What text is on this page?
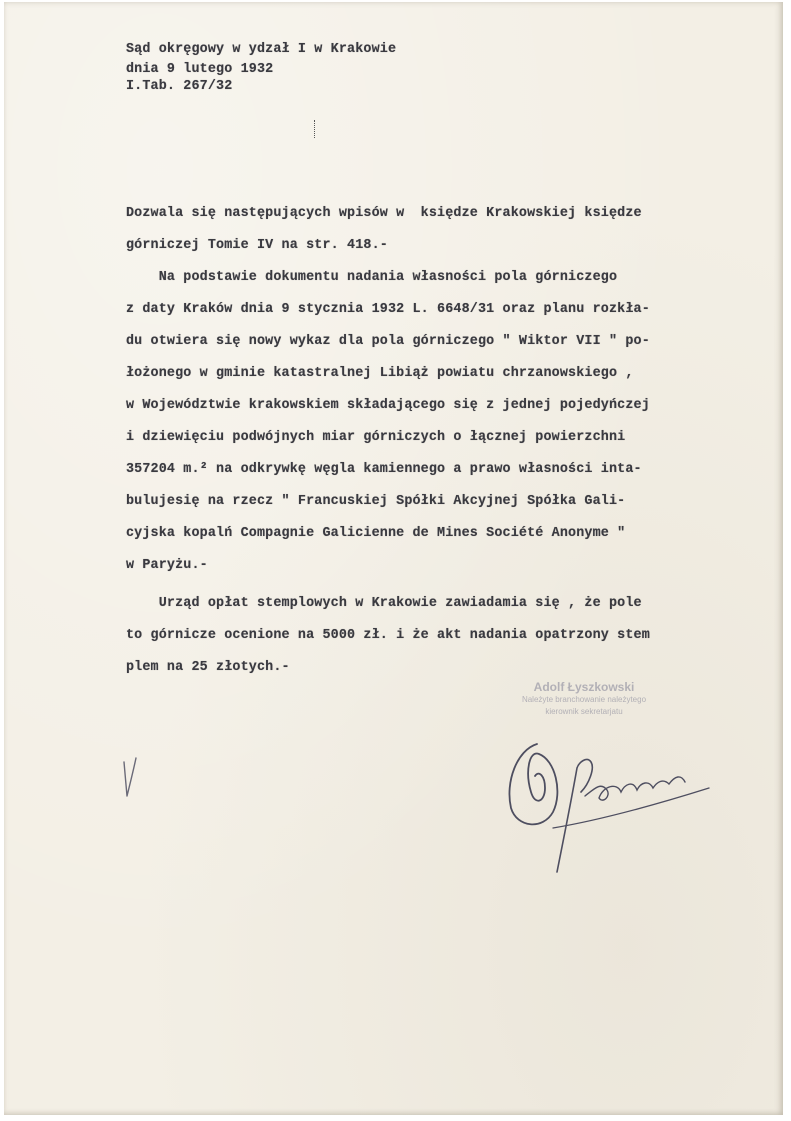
Sąd okręgowy w ydzał I w Krakowie
dnia 9 lutego 1932
I.Tab. 267/32
Dozwala się następujących wpisów w  księdze Krakowskiej księdze
górniczej Tomie IV na str. 418.-
Na podstawie dokumentu nadania własności pola górniczego
z daty Kraków dnia 9 stycznia 1932 L. 6648/31 oraz planu rozkła-
du otwiera się nowy wykaz dla pola górniczego " Wiktor VII " po-
łożonego w gminie katastralnej Libiąż powiatu chrzanowskiego ,
w Województwie krakowskiem składającego się z jednej pojedyńczej
i dziewięciu podwójnych miar górniczych o łącznej powierzchni
357204 m.² na odkrywkę węgla kamiennego a prawo własności inta-
bulujesię na rzecz " Francuskiej Spółki Akcyjnej Spółka Gali-
cyjska kopalń Compagnie Galicienne de Mines Société Anonyme "
w Paryżu.-
Urząd opłat stemplowych w Krakowie zawiadamia się , że pole
to górnicze ocenione na 5000 zł. i że akt nadania opatrzony stem
plem na 25 złotych.-
Adolf Łyszkowski
Należyte branchowanie należytego
kierownik sekretarjatu
